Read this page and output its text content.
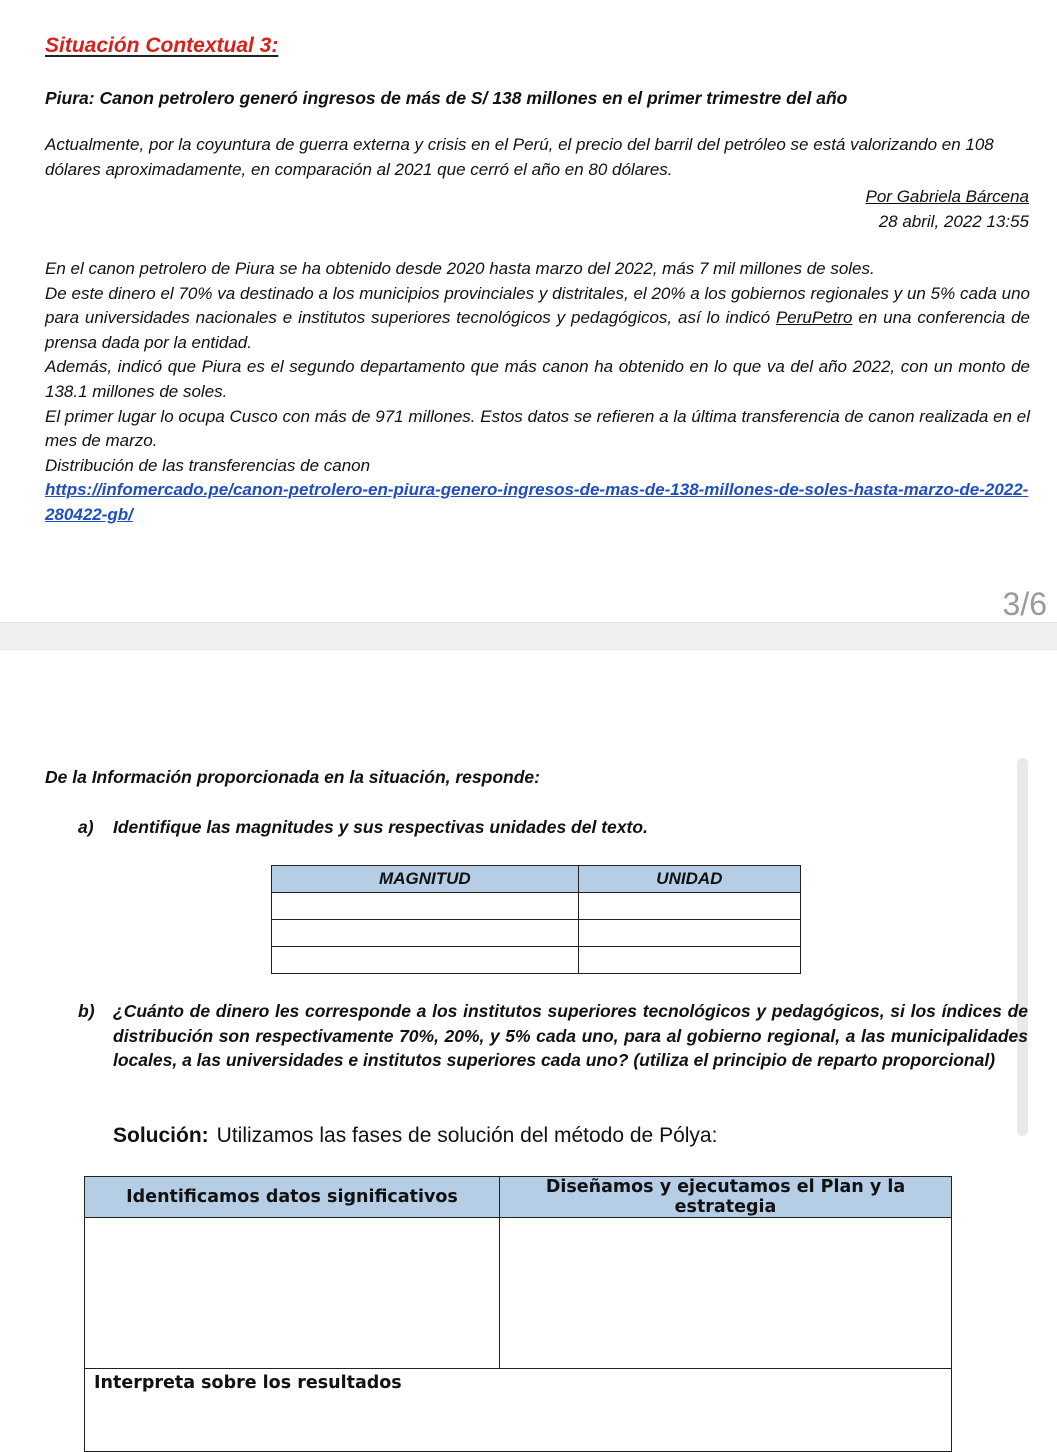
Situación Contextual 3:
Piura: Canon petrolero generó ingresos de más de S/ 138 millones en el primer trimestre del año
Actualmente, por la coyuntura de guerra externa y crisis en el Perú, el precio del barril del petróleo se está valorizando en 108 dólares aproximadamente, en comparación al 2021 que cerró el año en 80 dólares.
Por Gabriela Bárcena
28 abril, 2022 13:55

En el canon petrolero de Piura se ha obtenido desde 2020 hasta marzo del 2022, más 7 mil millones de soles.

De este dinero el 70% va destinado a los municipios provinciales y distritales, el 20% a los gobiernos regionales y un 5% cada uno para universidades nacionales e institutos superiores tecnológicos y pedagógicos, así lo indicó PeruPetro en una conferencia de prensa dada por la entidad.

Además, indicó que Piura es el segundo departamento que más canon ha obtenido en lo que va del año 2022, con un monto de 138.1 millones de soles.

El primer lugar lo ocupa Cusco con más de 971 millones. Estos datos se refieren a la última transferencia de canon realizada en el mes de marzo.

Distribución de las transferencias de canon

https://infomercado.pe/canon-petrolero-en-piura-genero-ingresos-de-mas-de-138-millones-de-soles-hasta-marzo-de-2022-280422-gb/
3/6
De la Información proporcionada en la situación, responde:
a) Identifique las magnitudes y sus respectivas unidades del texto.
MAGNITUD	UNIDAD

b)	¿Cuánto de dinero les corresponde a los institutos superiores tecnológicos y pedagógicos, si los índices de distribución son respectivamente 70%, 20%, y 5% cada uno, para al gobierno regional, a las municipalidades locales, a las universidades e institutos superiores cada uno? (utiliza el principio de reparto proporcional)
Solución: Utilizamos las fases de solución del método de Pólya:
Identificamos datos significativos	Diseñamos y ejecutamos el Plan y la estrategia

Interpreta sobre los resultados	
